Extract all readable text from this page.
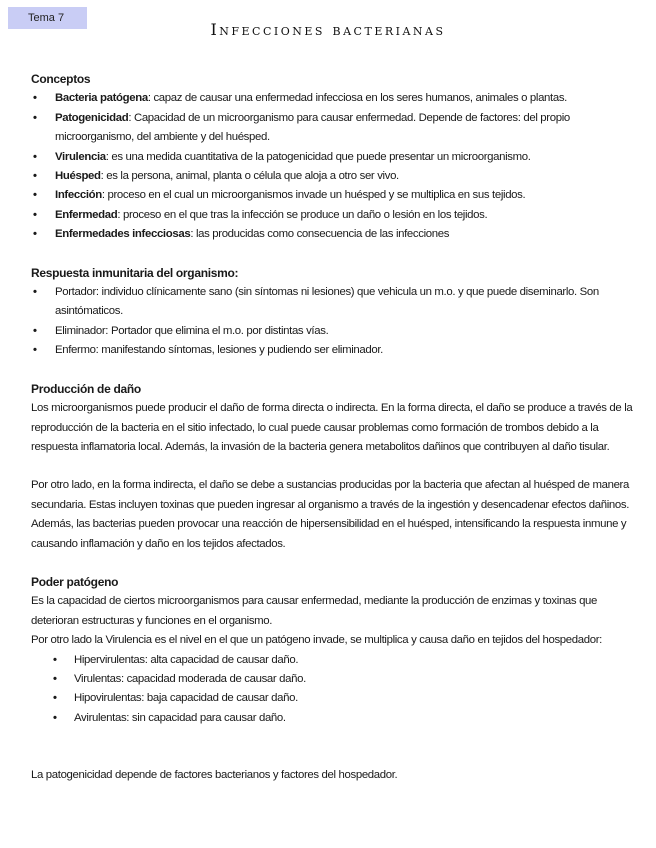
Tema 7
Infecciones bacterianas
Conceptos
• Bacteria patógena: capaz de causar una enfermedad infecciosa en los seres humanos, animales o plantas.
• Patogenicidad: Capacidad de un microorganismo para causar enfermedad. Depende de factores: del propio microorganismo, del ambiente y del huésped.
• Virulencia: es una medida cuantitativa de la patogenicidad que puede presentar un microorganismo.
• Huésped: es la persona, animal, planta o célula que aloja a otro ser vivo.
• Infección: proceso en el cual un microorganismos invade un huésped y se multiplica en sus tejidos.
• Enfermedad: proceso en el que tras la infección se produce un daño o lesión en los tejidos.
• Enfermedades infecciosas: las producidas como consecuencia de las infecciones
Respuesta inmunitaria del organismo:
• Portador: individuo clínicamente sano (sin síntomas ni lesiones) que vehicula un m.o. y que puede diseminarlo. Son asintómaticos.
• Eliminador: Portador que elimina el m.o. por distintas vías.
• Enfermo: manifestando síntomas, lesiones y pudiendo ser eliminador.
Producción de daño

Los microorganismos puede producir el daño de forma directa o indirecta. En la forma directa, el daño se produce a través de la reproducción de la bacteria en el sitio infectado, lo cual puede causar problemas como formación de trombos debido a la respuesta inflamatoria local. Además, la invasión de la bacteria genera metabolitos dañinos que contribuyen al daño tisular.

Por otro lado, en la forma indirecta, el daño se debe a sustancias producidas por la bacteria que afectan al huésped de manera secundaria. Estas incluyen toxinas que pueden ingresar al organismo a través de la ingestión y desencadenar efectos dañinos. Además, las bacterias pueden provocar una reacción de hipersensibilidad en el huésped, intensificando la respuesta inmune y causando inflamación y daño en los tejidos afectados.

Poder patógeno

Es la capacidad de ciertos microorganismos para causar enfermedad, mediante la producción de enzimas y toxinas que deterioran estructuras y funciones en el organismo.

Por otro lado la Virulencia es el nivel en el que un patógeno invade, se multiplica y causa daño en tejidos del hospedador:

• Hipervirulentas: alta capacidad de causar daño.
• Virulentas: capacidad moderada de causar daño.
• Hipovirulentas: baja capacidad de causar daño.
• Avirulentas: sin capacidad para causar daño.

La patogenicidad depende de factores bacterianos y factores del hospedador.
